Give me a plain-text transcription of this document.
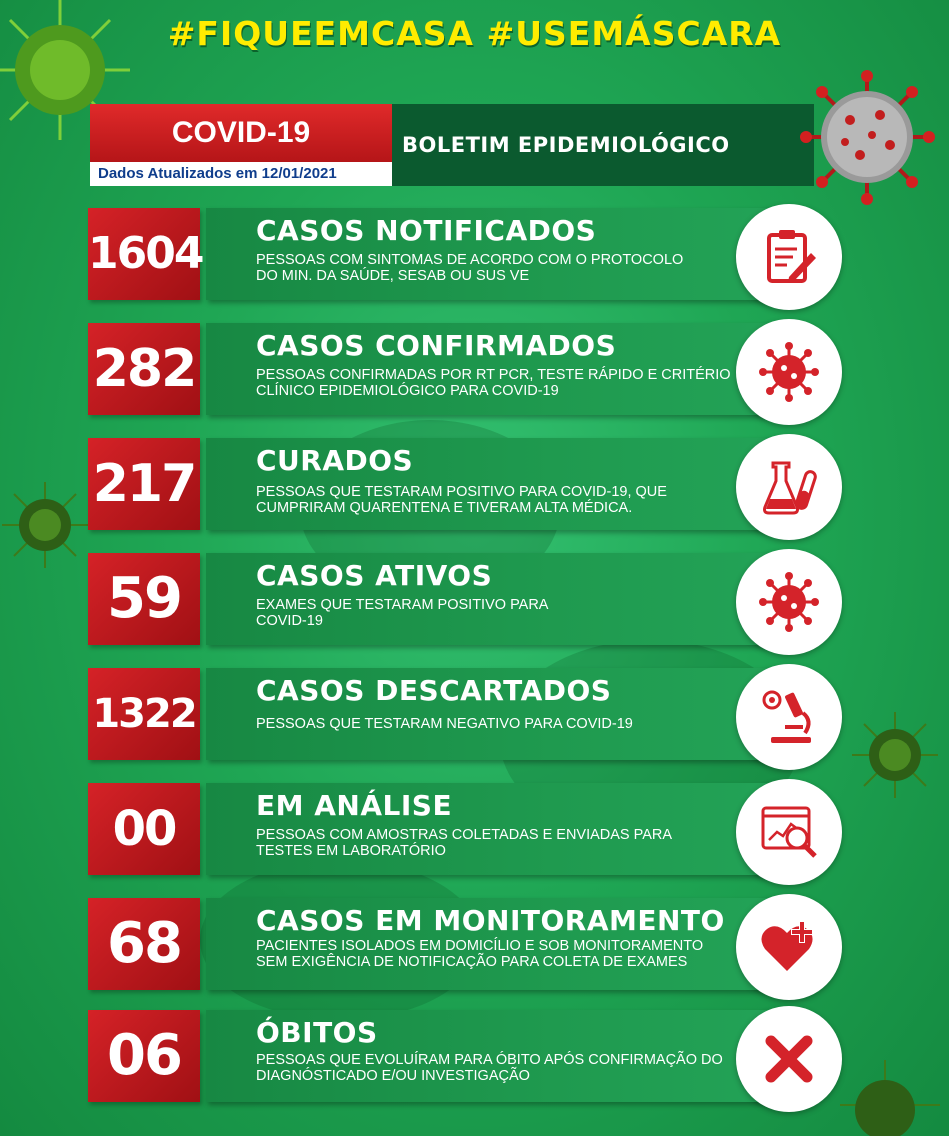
#FIQUEEMCASA #USEMÁSCARA
COVID-19
Dados Atualizados em 12/01/2021
BOLETIM EPIDEMIOLÓGICO
1604 CASOS NOTIFICADOS
PESSOAS COM SINTOMAS DE ACORDO COM O PROTOCOLO DO MIN. DA SAÚDE, SESAB OU SUS VE
282 CASOS CONFIRMADOS
PESSOAS CONFIRMADAS POR RT PCR, TESTE RÁPIDO E CRITÉRIO CLÍNICO EPIDEMIOLÓGICO PARA COVID-19
217 CURADOS
PESSOAS QUE TESTARAM POSITIVO PARA COVID-19, QUE CUMPRIRAM QUARENTENA E TIVERAM ALTA MÉDICA.
59	CASOS ATIVOS
EXAMES QUE TESTARAM POSITIVO PARA COVID-19
1322
CASOS DESCARTADOS
PESSOAS QUE TESTARAM NEGATIVO PARA COVID-19
00	EM ANÁLISE
PESSOAS COM AMOSTRAS COLETADAS E ENVIADAS PARA TESTES EM LABORATÓRIO
68	CASOS EM MONITORAMENTO
PACIENTES ISOLADOS EM DOMICÍLIO E SOB MONITORAMENTO SEM EXIGÊNCIA DE NOTIFICAÇÃO PARA COLETA DE EXAMES
06	ÓBITOS
PESSOAS QUE EVOLUÍRAM PARA ÓBITO APÓS CONFIRMAÇÃO DO DIAGNÓSTICADO E/OU INVESTIGAÇÃO
